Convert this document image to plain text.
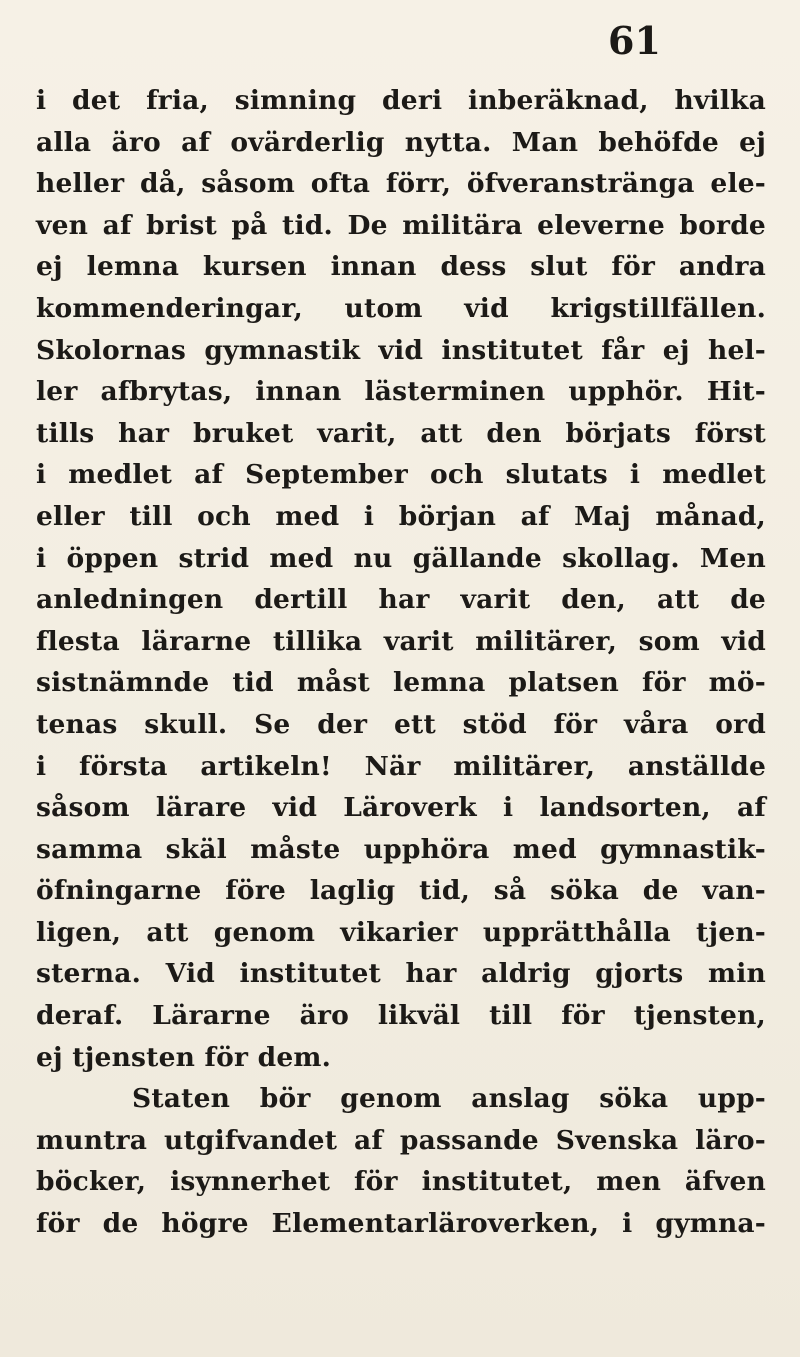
61
i det fria, simning deri inberäknad, hvilka
alla äro af ovärderlig nytta. Man behöfde ej
heller då, såsom ofta förr, öfveranstränga ele-
ven af brist på tid. De militära eleverne borde
ej lemna kursen innan dess slut för andra
kommenderingar, utom vid krigstillfällen.
Skolornas gymnastik vid institutet får ej hel-
ler afbrytas, innan lästerminen upphör. Hit-
tills har bruket varit, att den börjats först
i medlet af September och slutats i medlet
eller till och med i början af Maj månad,
i öppen strid med nu gällande skollag. Men
anledningen dertill har varit den, att de
flesta lärarne tillika varit militärer, som vid
sistnämnde tid måst lemna platsen för mö-
tenas skull. Se der ett stöd för våra ord
i första artikeln! När militärer, anställde
såsom lärare vid Läroverk i landsorten, af
samma skäl måste upphöra med gymnastik-
öfningarne före laglig tid, så söka de van-
ligen, att genom vikarier upprätthålla tjen-
sterna. Vid institutet har aldrig gjorts min
deraf. Lärarne äro likväl till för tjensten,
ej tjensten för dem.
Staten bör genom anslag söka upp-
muntra utgifvandet af passande Svenska läro-
böcker, isynnerhet för institutet, men äfven
för de högre Elementarläroverken, i gymna-
